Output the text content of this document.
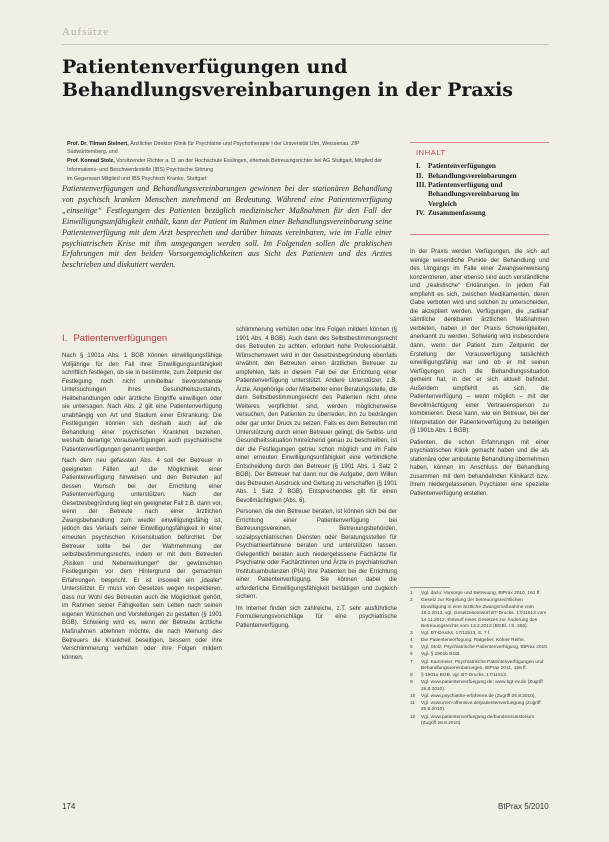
Aufsätze
Patientenverfügungen und Behandlungsvereinbarungen in der Praxis

Prof. Dr. Tilman Steinert, Ärztlicher Direktor Klinik für Psychiatrie und Psychotherapie I der Universität Ulm, Weissenau, ZfP Südwürttemberg, und

Prof. Konrad Stolz, Vorsitzender Richter a. D. an der Hochschule Esslingen, ehemals Betreuungsrichter bei AG Stuttgart, Mitglied der Informations- und Beschwerdestelle (IBS) Psychische Störung

im Gegenwart Mitglied und IBS Psychisch Kranke, Stuttgart

Patientenverfügungen und Behandlungsvereinbarungen gewinnen bei der stationären Behandlung von psychisch kranken Menschen zunehmend an Bedeutung. Während eine Patientenverfügung „einseitige“ Festlegungen des Patienten bezüglich medizinischer Maßnahmen für den Fall der Einwilligungsunfähigkeit enthält, kann der Patient im Rahmen einer Behandlungsvereinbarung seine Patientenverfügung mit dem Arzt besprechen und darüber hinaus vereinbaren, wie im Falle einer psychiatrischen Krise mit ihm umgegangen werden soll. Im Folgenden sollen die praktischen Erfahrungen mit den beiden Vorsorgemöglichkeiten aus Sicht des Patienten und des Arztes beschrieben und diskutiert werden.

INHALT
I.	Patientenverfügungen
II. Behandlungsvereinbarungen
III. Patientenverfügung und Behandlungsvereinbarung im Vergleich
IV. Zusammenfassung

I. Patientenverfügungen

Nach § 1901a Abs. 1 BGB können einwilligungsfähige Volljährige für den Fall ihrer Einwilligungsunfähigkeit schriftlich festlegen, ob sie in bestimmte, zum Zeitpunkt der Festlegung noch nicht unmittelbar bevorstehende Untersuchungen ihres Gesundheitszustands, Heilbehandlungen oder ärztliche Eingriffe einwilligen oder sie untersagen. Nach Abs. 2 gilt eine Patientenverfügung unabhängig von Art und Stadium einer Erkrankung. Die Festlegungen können sich deshalb auch auf die Behandlung einer psychischen Krankheit beziehen, weshalb derartige Vorausverfügungen auch psychiatrische Patientenverfügungen genannt werden.

Nach dem neu gefassten Abs. 4 soll der Betreuer in geeigneten Fällen auf die Möglichkeit einer Patientenverfügung hinweisen und den Betreuten auf dessen Wunsch bei der Errichtung einer Patientenverfügung unterstützen. Nach der Gesetzesbegründung liegt ein geeigneter Fall z.B. dann vor, wenn der Betreute nach einer ärztlichen Zwangsbehandlung zum wieder einwilligungsfähig ist, jedoch des Verlaufs seiner Einwilligungsfähigkeit in einer erneuten psychischen Krisensituation befürchtet. Der Betreuer sollte bei der Wahrnehmung der selbstbestimmungsrechts, indem er mit dem Betreuten „Risiken und Nebenwirkungen“ der gewünschten Festlegungen vor dem Hintergrund der gemachten Erfahrungen bespricht. Er ist insoweit ein „idealer“ Unterstützer. Er muss von Gesetzes wegen respektieren, dass nur Wohl des Betreuten auch die Möglichkeit gehört, im Rahmen seiner Fähigkeiten sein Leben nach seinen eigenen Wünschen und Vorstellungen zu gestalten (§ 1901 BGB). Schwierig wird es, wenn der Betreute ärztliche Maßnahmen ablehnen möchte, die nach Meinung des Betreuers die Krankheit beseitigen, bessern oder ihre Verschlimmerung verhüten oder ihre Folgen mildern können.

schlimmerung verhüten oder ihre Folgen mildern können (§ 1901 Abs. 4 BGB). Auch dann des Selbstbestimmungsrecht des Betreuten zu achten, erfordert hohe Professionalität. Wünschenswert wird in der Gesetzesbegründung ebenfalls erwähnt, den Betreuten einen ärztlichen Betreuer zu empfehlen, falls in diesem Fall bei der Errichtung einer Patientenverfügung unterstützt. Andere Unterstützer, z.B. Ärzte, Angehörige oder Mitarbeiter einer Beratungsstelle, die dem Selbstbestimmungsrecht des Patienten nicht ohne Weiteres verpflichtet sind, werden möglicherweise versuchen, den Patienten zu überreden, ihn zu bedrängen oder gar unter Druck zu setzen. Falls es dem Betreuten mit Unterstützung durch einen Betreuer gelingt, die Selbst- und Gesundheitssituation hinreichend genau zu beschreiben, ist der die Festlegungen getreu schon möglich und im Falle einer erneuten Einwilligungsunfähigkeit eine verbindliche Entscheidung durch den Betreuer (§ 1901 Abs. 1 Satz 2 BGB). Der Betreuer hat dann nur die Aufgabe, dem Willen des Betreuten Ausdruck und Geltung zu verschaffen (§ 1901 Abs. 1 Satz 2 BGB). Entsprechendes gilt für einen Bevollmächtigten (Abs. 6).

Personen, die den Betreuer beraten, ist können sich bei der Errichtung einer Patientenverfügung bei Betreuungsvereinen, Betreuungsbehörden, sozialpsychiatrischen Diensten oder Beratungsstellen für Psychiatrieerfahrene beraten und unterstützen lassen. Gelegentlich beraten auch niedergelassene Fachärzte für Psychiatrie oder Fachärztinnen und Ärzte in psychiatrischen Institutsambulanzen (PIA) ihre Patienten bei der Errichtung einer Patientenverfügung. Sie können dabei die erforderliche Einwilligungsfähigkeit bestätigen und zugleich sichern.

Im Internet finden sich zahlreiche, z.T. sehr ausführliche Formulierungsvorschläge für eine psychiatrische Patientenverfügung.

In der Praxis werden Verfügungen, die sich auf wenige wesentliche Punkte der Behandlung und des Umgangs im Falle einer Zwangseinweisung konzentrieren, aber ebenso sind auch verständliche und „realistische“ Erklärungen. In jedem Fall empfiehlt es sich, zwischen Medikamenten, deren Gabe verboten wird und solchen zu unterscheiden, die akzeptiert werden. Verfügungen, die „radikal“ sämtliche denkbaren ärztlichen Maßnahmen verbieten, haben in der Praxis Schwierigkeiten, anerkannt zu werden. Schwierig wird insbesondere dann, wenn der Patient zum Zeitpunkt der Erstellung der Vorausverfügung tatsächlich einwilligungsfähig war und ob er mit seinen Verfügungen auch die Behandlungssituation gemeint hat, in der er sich aktuell befindet. Außerdem empfiehlt es sich, die Patientenverfügung – wenn möglich – mit der Bevollmächtigung einer Vertrauensperson zu kombinieren. Diese kann, wie ein Betreuer, bei der Interpretation der Patientenverfügung zu beteiligen (§ 1901b Abs. 1 BGB).

Patienten, die schon Erfahrungen mit einer psychiatrischen Klinik gemacht haben und die als stationäre oder ambulante Behandlung übernehmen haben, können im Anschluss der Behandlung zusammen mit dem behandelnden Klinikarzt bzw. ihrem niedergelassenen Psychiater eine spezielle Patientenverfügung erstellen.

1	Vgl. dazu: Vorsorge und Betreuung, BtPrax 2010, 161 ff.
2	Gesetz zur Regelung der betreuungsrechtlichen Einwilligung in eine ärztliche Zwangsmaßnahme vom 18.2.2013, vgl. Gesetzesentwurf BT-Drucks. 17/11513 vom 14.11.2012; Entwurf eines Gesetzes zur Änderung des Betreuungsrechts vom 13.2.2013 (BGBl. I S. 266).
3	Vgl. BT-Drucks. 17/11513, S. 7 f.
4	Die Patientenverfügung: Ratgeber, Kölner Reihe.
5	Vgl. Stolz, Psychiatrische Patientenverfügung, BtPrax 2010.
6	Vgl. § 1901b BGB.
7	Vgl. Kammeier, Psychiatrische Patientenverfügungen und Behandlungsvereinbarungen, BtPrax 2011, 158 ff.
8	§ 1901a BGB, vgl. BT-Drucks. 17/11513.
9	Vgl. www.patientenverfuegung.de; www.bgt-ev.de (Zugriff 26.8.2010).
10	Vgl. www.psychiatrie-erfahrene.de (Zugriff 26.8.2010).
11	Vgl. www.irren-offensive.de/patientenverfuegung (Zugriff 26.8.2010).
12	Vgl. www.patientenverfuegung.de/bundesministerium (Zugriff 26.8.2010).
174	BtPrax 5/2010
